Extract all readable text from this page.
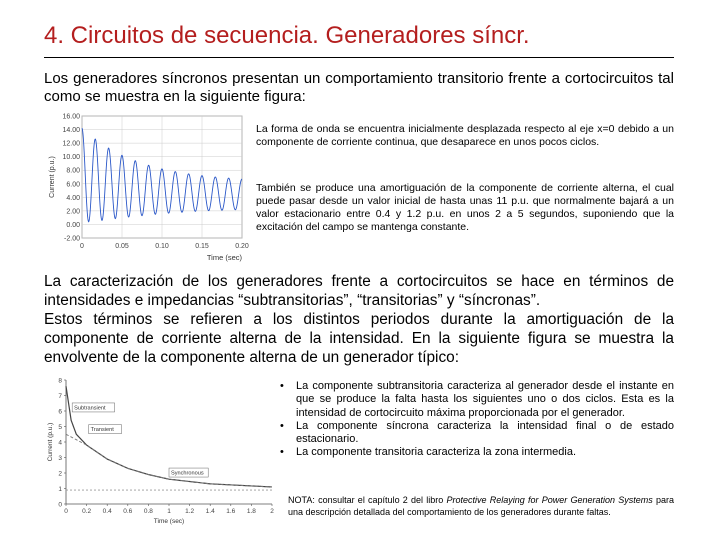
4. Circuitos de secuencia. Generadores síncr.
Los generadores síncronos presentan un comportamiento transitorio frente a cortocircuitos tal como se muestra en la siguiente figura:
16.00
14.00
12.00
10.00
8.00
6.00
4.00
2.00
0.00
-2.00
0	0.05	0.10	0.15	0.20
Time (sec)
Current (p.u.)
La forma de onda se encuentra inicialmente desplazada respecto al eje x=0 debido a un componente de corriente continua, que desaparece en unos pocos ciclos.
También se produce una amortiguación de la componente de corriente alterna, el cual puede pasar desde un valor inicial de hasta unas 11 p.u. que normalmente bajará a un valor estacionario entre 0.4 y 1.2 p.u. en unos 2 a 5 segundos, suponiendo que la excitación del campo se mantenga constante.
La caracterización de los generadores frente a cortocircuitos se hace en términos de intensidades e impedancias “subtransitorias”, “transitorias” y “síncronas”.
Estos términos se refieren a los distintos periodos durante la amortiguación de la componente de corriente alterna de la intensidad. En la siguiente figura se muestra la envolvente de la componente alterna de un generador típico:
8
7
6
5
4
3
2
1
0
0 0.2 0.4 0.6 0.8 1 1.2 1.4 1.6 1.8 2
Time (sec)
Current (p.u.)
Subtransient
Transient
Synchronous
• La componente subtransitoria caracteriza al generador desde el instante en que se produce la falta hasta los siguientes uno o dos ciclos. Esta es la intensidad de cortocircuito máxima proporcionada por el generador.
• La componente síncrona caracteriza la intensidad final o de estado estacionario.
• La componente transitoria caracteriza la zona intermedia.
NOTA: consultar el capítulo 2 del libro Protective Relaying for Power Generation Systems para una descripción detallada del comportamiento de los generadores durante faltas.
